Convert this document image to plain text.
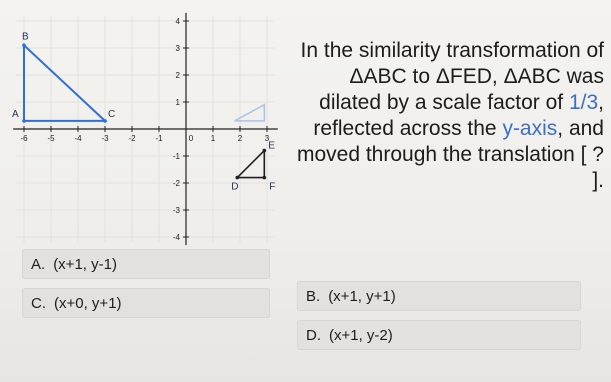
-6 -5 -4 -3 -2 -1	0 1	2	3
4
3
2
1
-1
-2
-3
-4
B
A	C
E
D	F
In the similarity transformation of ΔABC to ΔFED, ΔABC was dilated by a scale factor of 1/3, reflected across the y-axis, and moved through the translation [ ? ].
A. (x+1, y-1)
C. (x+0, y+1)	B. (x+1, y+1)
D. (x+1, y-2)
